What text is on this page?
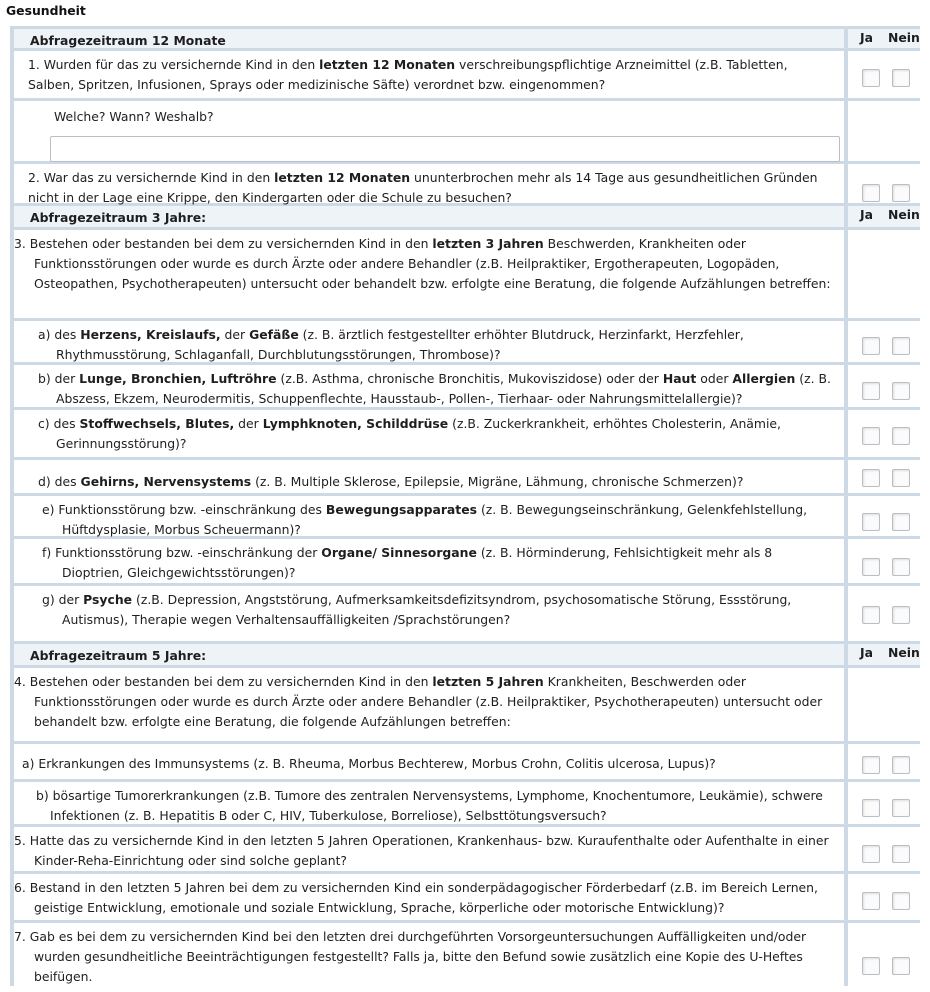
Gesundheit
Abfragezeitraum 12 Monate	Ja Nein
1. Wurden für das zu versichernde Kind in den letzten 12 Monaten verschreibungspflichtige Arzneimittel (z.B. Tabletten, Salben, Spritzen, Infusionen, Sprays oder medizinische Säfte) verordnet bzw. eingenommen?
Welche? Wann? Weshalb?
2. War das zu versichernde Kind in den letzten 12 Monaten ununterbrochen mehr als 14 Tage aus gesundheitlichen Gründen nicht in der Lage eine Krippe, den Kindergarten oder die Schule zu besuchen?
Abfragezeitraum 3 Jahre:	Ja Nein
3. Bestehen oder bestanden bei dem zu versichernden Kind in den letzten 3 Jahren Beschwerden, Krankheiten oder Funktionsstörungen oder wurde es durch Ärzte oder andere Behandler (z.B. Heilpraktiker, Ergotherapeuten, Logopäden, Osteopathen, Psychotherapeuten) untersucht oder behandelt bzw. erfolgte eine Beratung, die folgende Aufzählungen betreffen:
a) des Herzens, Kreislaufs, der Gefäße (z. B. ärztlich festgestellter erhöhter Blutdruck, Herzinfarkt, Herzfehler, Rhythmusstörung, Schlaganfall, Durchblutungsstörungen, Thrombose)?
b) der Lunge, Bronchien, Luftröhre (z.B. Asthma, chronische Bronchitis, Mukoviszidose) oder der Haut oder Allergien (z. B. Abszess, Ekzem, Neurodermitis, Schuppenflechte, Hausstaub-, Pollen-, Tierhaar- oder Nahrungsmittelallergie)?
c) des Stoffwechsels, Blutes, der Lymphknoten, Schilddrüse (z.B. Zuckerkrankheit, erhöhtes Cholesterin, Anämie, Gerinnungsstörung)?
d) des Gehirns, Nervensystems (z. B. Multiple Sklerose, Epilepsie, Migräne, Lähmung, chronische Schmerzen)?
e) Funktionsstörung bzw. -einschränkung des Bewegungsapparates (z. B. Bewegungseinschränkung, Gelenkfehlstellung, Hüftdysplasie, Morbus Scheuermann)?
f) Funktionsstörung bzw. -einschränkung der Organe/ Sinnesorgane (z. B. Hörminderung, Fehlsichtigkeit mehr als 8 Dioptrien, Gleichgewichtsstörungen)?
g) der Psyche (z.B. Depression, Angststörung, Aufmerksamkeitsdefizitsyndrom, psychosomatische Störung, Essstörung, Autismus), Therapie wegen Verhaltensauffälligkeiten /Sprachstörungen?
Abfragezeitraum 5 Jahre:	Ja Nein
4. Bestehen oder bestanden bei dem zu versichernden Kind in den letzten 5 Jahren Krankheiten, Beschwerden oder Funktionsstörungen oder wurde es durch Ärzte oder andere Behandler (z.B. Heilpraktiker, Psychotherapeuten) untersucht oder behandelt bzw. erfolgte eine Beratung, die folgende Aufzählungen betreffen:
a) Erkrankungen des Immunsystems (z. B. Rheuma, Morbus Bechterew, Morbus Crohn, Colitis ulcerosa, Lupus)?
b) bösartige Tumorerkrankungen (z.B. Tumore des zentralen Nervensystems, Lymphome, Knochentumore, Leukämie), schwere Infektionen (z. B. Hepatitis B oder C, HIV, Tuberkulose, Borreliose), Selbsttötungsversuch?
5. Hatte das zu versichernde Kind in den letzten 5 Jahren Operationen, Krankenhaus- bzw. Kuraufenthalte oder Aufenthalte in einer Kinder-Reha-Einrichtung oder sind solche geplant?
6. Bestand in den letzten 5 Jahren bei dem zu versichernden Kind ein sonderpädagogischer Förderbedarf (z.B. im Bereich Lernen, geistige Entwicklung, emotionale und soziale Entwicklung, Sprache, körperliche oder motorische Entwicklung)?
7. Gab es bei dem zu versichernden Kind bei den letzten drei durchgeführten Vorsorgeuntersuchungen Auffälligkeiten und/oder wurden gesundheitliche Beeinträchtigungen festgestellt? Falls ja, bitte den Befund sowie zusätzlich eine Kopie des U-Heftes beifügen.
